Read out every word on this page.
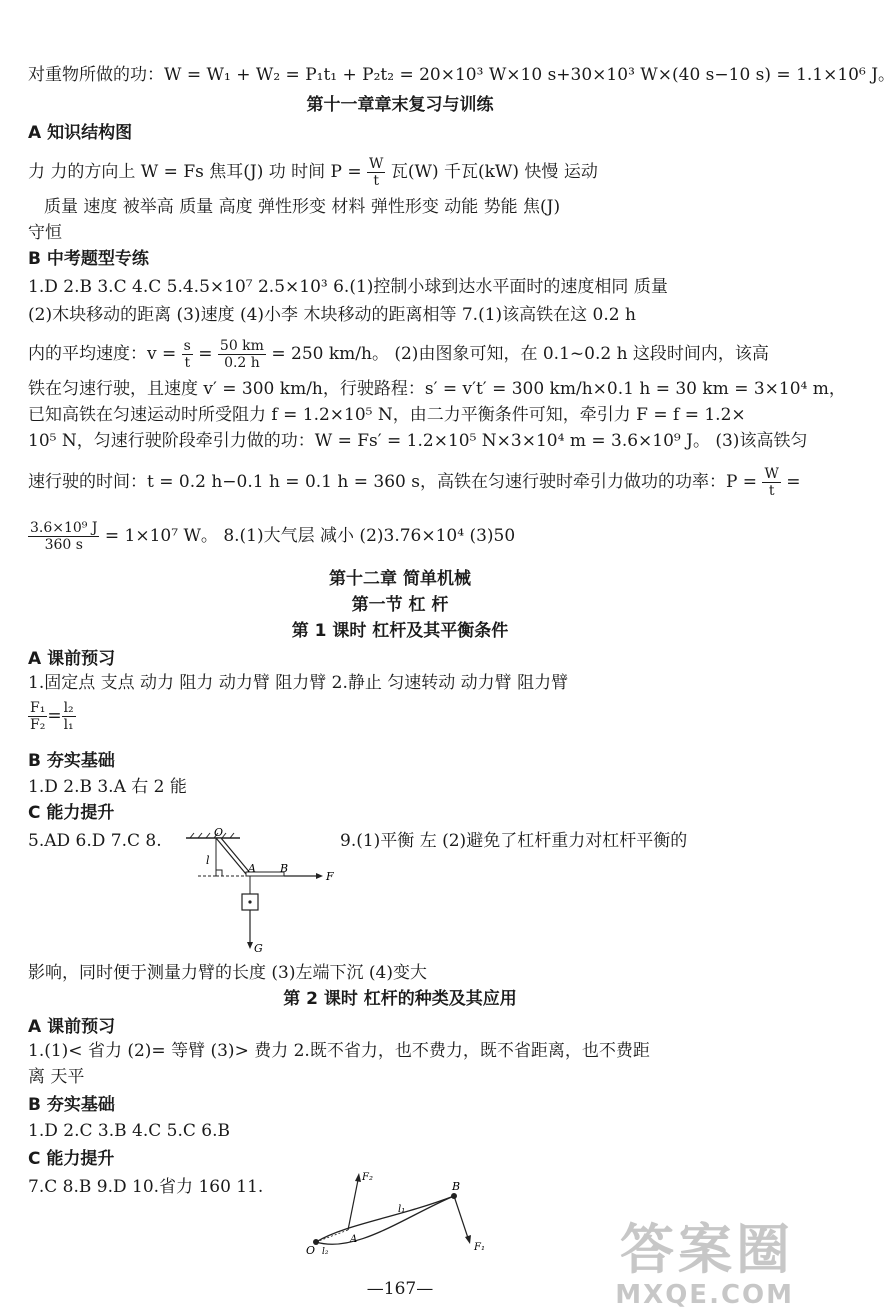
对重物所做的功：W = W₁ + W₂ = P₁t₁ + P₂t₂ = 20×10³ W×10 s+30×10³ W×(40 s−10 s) = 1.1×10⁶ J。
第十一章章末复习与训练
A 知识结构图
力 力的方向上 W = Fs 焦耳(J) 功 时间 $P = \frac{W}{t}$ 瓦(W) 千瓦(kW) 快慢 运动
质量 速度 被举高 质量 高度 弹性形变 材料 弹性形变 动能 势能 焦(J)
守恒
B 中考题型专练
1.D 2.B 3.C 4.C 5.4.5×10⁷ 2.5×10³ 6.(1)控制小球到达水平面时的速度相同 质量
(2)木块移动的距离 (3)速度 (4)小李 木块移动的距离相等 7.(1)该高铁在这 0.2 h
内的平均速度：$v = \frac{s}{t} = \frac{50 km}{0.2 h} = 250$ km/h。 (2)由图象可知，在 0.1~0.2 h 这段时间内，该高
铁在匀速行驶，且速度 v′ = 300 km/h，行驶路程：s′ = v′t′ = 300 km/h×0.1 h = 30 km = 3×10⁴ m，
已知高铁在匀速运动时所受阻力 f = 1.2×10⁵ N，由二力平衡条件可知，牵引力 F = f = 1.2×
10⁵ N，匀速行驶阶段牵引力做的功：W = Fs′ = 1.2×10⁵ N×3×10⁴ m = 3.6×10⁹ J。 (3)该高铁匀
速行驶的时间：t = 0.2 h−0.1 h = 0.1 h = 360 s，高铁在匀速行驶时牵引力做功的功率：$P = \frac{W}{t}$ =
$\frac{\text{3.6×10⁹ J}}{360 s} = 1\times 10^7$ W。 8.(1)大气层 减小 (2)3.76×10⁴ (3)50
第十二章 简单机械
第一节 杠 杆
第 1 课时 杠杆及其平衡条件
A 课前预习
1.固定点 支点 动力 阻力 动力臂 阻力臂 2.静止 匀速转动 动力臂 阻力臂
$\frac{\text{F₁}}{\text{F₂}} = \frac{\text{l₂}}{\text{l₁}}$
B 夯实基础
1.D 2.B 3.A 右 2 能
C 能力提升
5.AD 6.D 7.C 8.	9.(1)平衡 左 (2)避免了杠杆重力对杠杆平衡的
O
l
A B
F
G
影响，同时便于测量力臂的长度 (3)左端下沉 (4)变大
第 2 课时 杠杆的种类及其应用
A 课前预习
1.(1)< 省力 (2)= 等臂 (3)> 费力 2.既不省力，也不费力，既不省距离，也不费距
离 天平
B 夯实基础
1.D 2.C 3.B 4.C 5.C 6.B
C 能力提升
7.C 8.B 9.D 10.省力 160 11.	F₂
l₁
B
O l₂
A
F₁
—167—
答案圈
MXQE.COM
